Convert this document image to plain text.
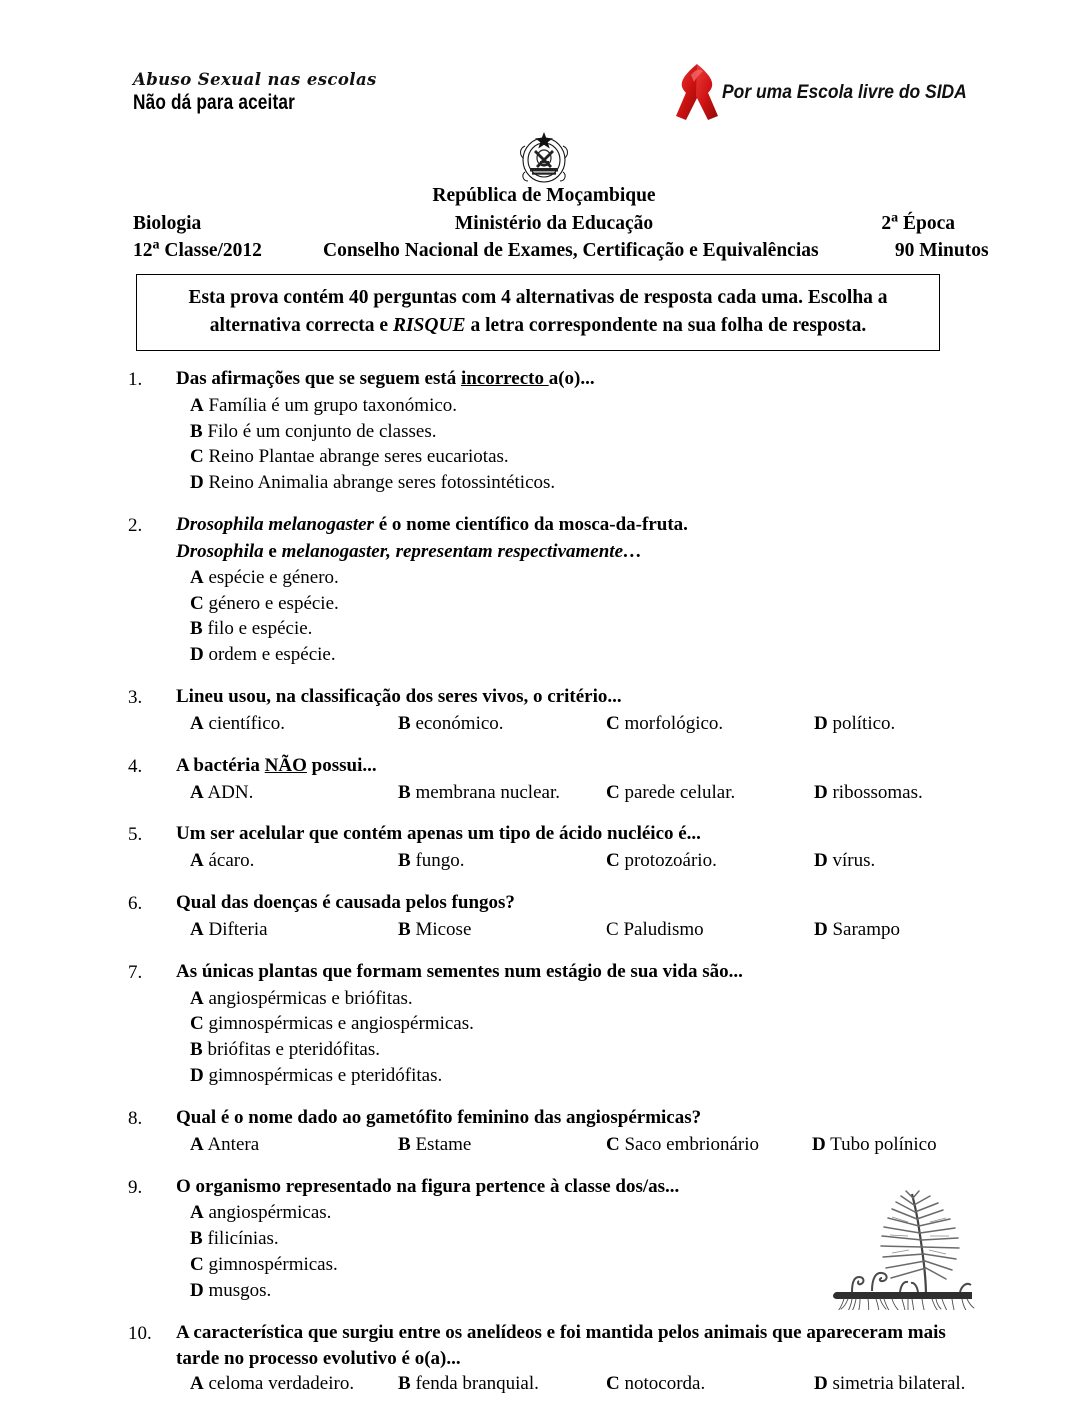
Abuso Sexual nas escolas
Não dá para aceitar	Por uma Escola livre do SIDA
República de Moçambique
Biologia	Ministério da Educação	2$^a$ Época
12$^a$ Classe/2012	Conselho Nacional de Exames, Certificação e Equivalências	90 Minutos
Esta prova contém 40 perguntas com 4 alternativas de resposta cada uma. Escolha a alternativa correcta e RISQUE a letra correspondente na sua folha de resposta.
1.	Das afirmações que se seguem está incorrecto a(o)...
A Família é um grupo taxonómico.
B Filo é um conjunto de classes.
C Reino Plantae abrange seres eucariotas.
D Reino Animalia abrange seres fotossintéticos.
2.	Drosophila melanogaster é o nome científico da mosca-da-fruta.
Drosophila e melanogaster, representam respectivamente…
A espécie e género.
C género e espécie.
B filo e espécie.
D ordem e espécie.
3.	Lineu usou, na classificação dos seres vivos, o critério...
A científico.	B económico.	C morfológico.	D político.
4.	A bactéria NÃO possui...
A ADN.	B membrana nuclear.	C parede celular.	D ribossomas.
5.	Um ser acelular que contém apenas um tipo de ácido nucléico é...
A ácaro.	B fungo.	C protozoário.	D vírus.
6.	Qual das doenças é causada pelos fungos?
A Difteria	B Micose	C Paludismo	D Sarampo
7.	As únicas plantas que formam sementes num estágio de sua vida são...
A angiospérmicas e briófitas.
C gimnospérmicas e angiospérmicas.
B briófitas e pteridófitas.
D gimnospérmicas e pteridófitas.
8.	Qual é o nome dado ao gametófito feminino das angiospérmicas?
A Antera	B Estame	C Saco embrionário	D Tubo polínico
9.	O organismo representado na figura pertence à classe dos/as...
A angiospérmicas.
B filicínias.
C gimnospérmicas.
D musgos.
10.	A característica que surgiu entre os anelídeos e foi mantida pelos animais que apareceram mais tarde no processo evolutivo é o(a)...
A celoma verdadeiro.	B fenda branquial.	C notocorda.	D simetria bilateral.
